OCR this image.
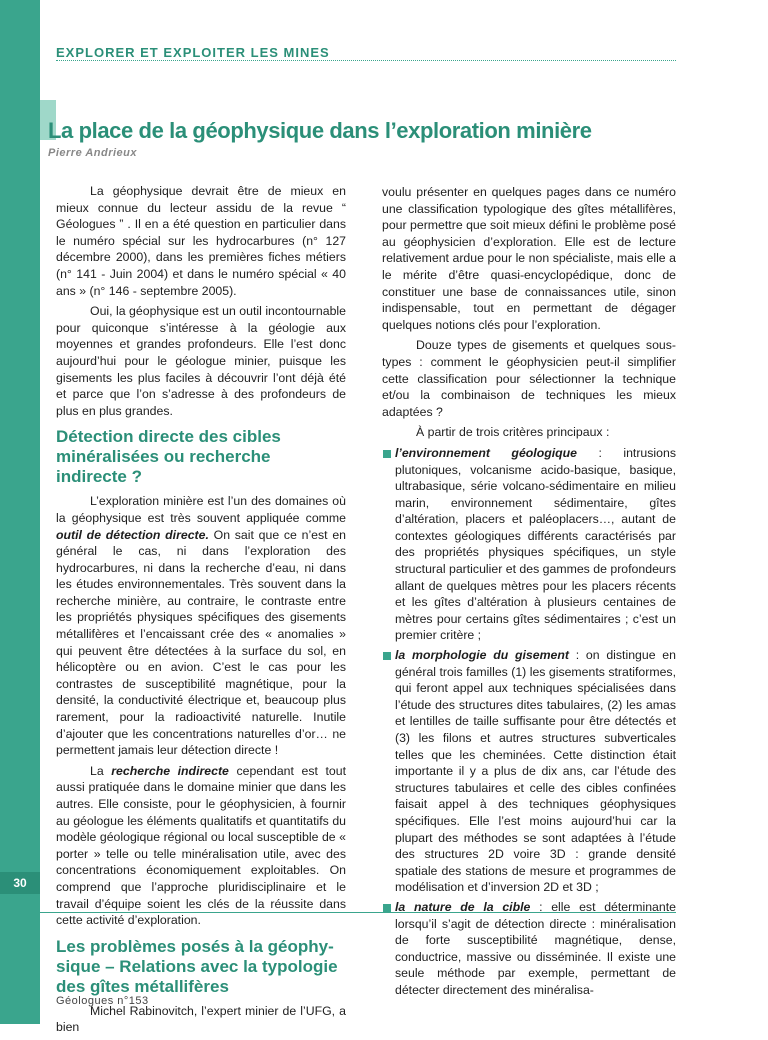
30
EXPLORER ET EXPLOITER LES MINES
La place de la géophysique dans l’exploration minière
Pierre Andrieux

La géophysique devrait être de mieux en mieux connue du lecteur assidu de la revue “ Géologues ” . Il en a été question en particulier dans le numéro spécial sur les hydrocarbures (n° 127 décembre 2000), dans les premières fiches métiers (n° 141 - Juin 2004) et dans le numéro spécial « 40 ans » (n° 146 - septembre 2005).

Oui, la géophysique est un outil incontournable pour quiconque s’intéresse à la géologie aux moyennes et grandes profondeurs. Elle l’est donc aujourd’hui pour le géologue minier, puisque les gisements les plus faciles à découvrir l’ont déjà été et parce que l’on s’adresse à des profondeurs de plus en plus grandes.

Détection directe des cibles minéralisées ou recherche indirecte ?

L’exploration minière est l’un des domaines où la géophysique est très souvent appliquée comme outil de détection directe. On sait que ce n’est en général le cas, ni dans l’exploration des hydrocarbures, ni dans la recherche d’eau, ni dans les études environnementales. Très souvent dans la recherche minière, au contraire, le contraste entre les propriétés physiques spécifiques des gisements métallifères et l’encaissant crée des « anomalies » qui peuvent être détectées à la surface du sol, en hélicoptère ou en avion. C’est le cas pour les contrastes de susceptibilité magnétique, pour la densité, la conductivité électrique et, beaucoup plus rarement, pour la radioactivité naturelle. Inutile d’ajouter que les concentrations naturelles d’or… ne permettent jamais leur détection directe !

La recherche indirecte cependant est tout aussi pratiquée dans le domaine minier que dans les autres. Elle consiste, pour le géophysicien, à fournir au géologue les éléments qualitatifs et quantitatifs du modèle géologique régional ou local susceptible de « porter » telle ou telle minéralisation utile, avec des concentrations économiquement exploitables. On comprend que l’approche pluridisciplinaire et le travail d’équipe soient les clés de la réussite dans cette activité d’exploration.

Les problèmes posés à la géophysique – Relations avec la typologie des gîtes métallifères

Michel Rabinovitch, l’expert minier de l’UFG, a bien

voulu présenter en quelques pages dans ce numéro une classification typologique des gîtes métallifères, pour permettre que soit mieux défini le problème posé au géophysicien d’exploration. Elle est de lecture relativement ardue pour le non spécialiste, mais elle a le mérite d’être quasi-encyclopédique, donc de constituer une base de connaissances utile, sinon indispensable, tout en permettant de dégager quelques notions clés pour l’exploration.

Douze types de gisements et quelques sous-types : comment le géophysicien peut-il simplifier cette classification pour sélectionner la technique et/ou la combinaison de techniques les mieux adaptées ?

À partir de trois critères principaux :

l’environnement géologique : intrusions plutoniques, volcanisme acido-basique, basique, ultrabasique, série volcano-sédimentaire en milieu marin, environnement sédimentaire, gîtes d’altération, placers et paléoplacers…, autant de contextes géologiques différents caractérisés par des propriétés physiques spécifiques, un style structural particulier et des gammes de profondeurs allant de quelques mètres pour les placers récents et les gîtes d’altération à plusieurs centaines de mètres pour certains gîtes sédimentaires ; c’est un premier critère ;
la morphologie du gisement : on distingue en général trois familles (1) les gisements stratiformes, qui feront appel aux techniques spécialisées dans l’étude des structures dites tabulaires, (2) les amas et lentilles de taille suffisante pour être détectés et (3) les filons et autres structures subverticales telles que les cheminées. Cette distinction était importante il y a plus de dix ans, car l’étude des structures tabulaires et celle des cibles confinées faisait appel à des techniques géophysiques spécifiques. Elle l’est moins aujourd’hui car la plupart des méthodes se sont adaptées à l’étude des structures 2D voire 3D : grande densité spatiale des stations de mesure et programmes de modélisation et d’inversion 2D et 3D ;
la nature de la cible : elle est déterminante lorsqu’il s’agit de détection directe : minéralisation de forte susceptibilité magnétique, dense, conductrice, massive ou disséminée. Il existe une seule méthode par exemple, permettant de détecter directement des minéralisa-
Géologues n°153
